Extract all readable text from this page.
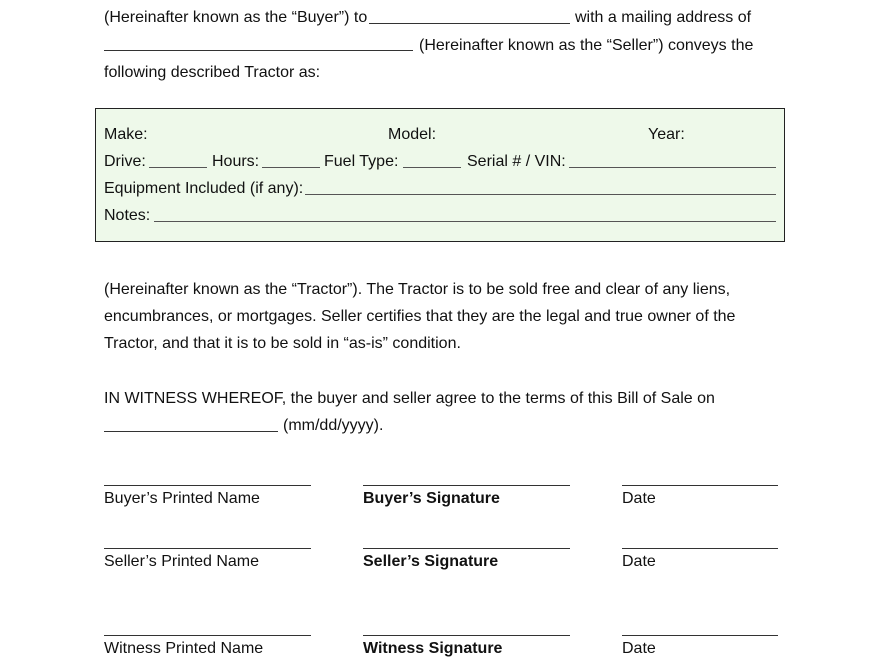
(Hereinafter known as the “Buyer”) to	with a mailing address of
(Hereinafter known as the “Seller”) conveys the
following described Tractor as:
Make:	Model:	Year:
Drive:	Hours:	Fuel Type:	Serial # / VIN:
Equipment Included (if any):
Notes:
(Hereinafter known as the “Tractor”). The Tractor is to be sold free and clear of any liens,
encumbrances, or mortgages. Seller certifies that they are the legal and true owner of the
Tractor, and that it is to be sold in “as-is” condition.
IN WITNESS WHEREOF, the buyer and seller agree to the terms of this Bill of Sale on
(mm/dd/yyyy).
Buyer’s Printed Name	Buyer’s Signature	Date
Seller’s Printed Name	Seller’s Signature	Date
Witness Printed Name	Witness Signature	Date
